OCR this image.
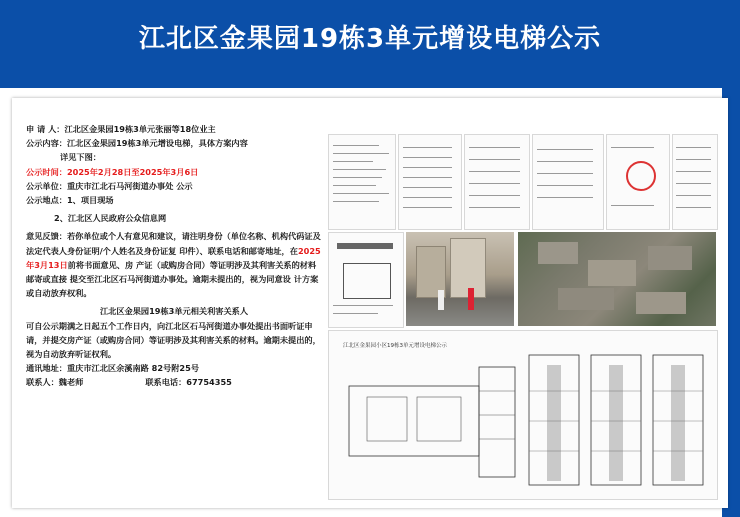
江北区金果园19栋3单元增设电梯公示

申 请 人：江北区金果园19栋3单元张丽等18位业主

公示内容：江北区金果园19栋3单元增设电梯，具体方案内容

详见下图：

公示时间：2025年2月28日至2025年3月6日

公示单位：重庆市江北石马河街道办事处 公示

公示地点：1、项目现场

2、江北区人民政府公众信息网

意见反馈：若你单位或个人有意见和建议，请注明身份（单位名称、机构代码证及法定代表人身份证明/个人姓名及身份证复 印件）、联系电话和邮寄地址，在2025年3月13日前将书面意见、房 产证（或购房合同）等证明涉及其利害关系的材料邮寄或直接 提交至江北区石马河街道办事处。逾期未提出的，视为同意设 计方案或自动放弃权利。

江北区金果园19栋3单元相关利害关系人

可自公示期满之日起五个工作日内，向江北区石马河街道办事处提出书面听证申请，并提交房产证（或购房合同）等证明涉及其利害关系的材料。逾期未提出的，视为自动放弃听证权利。

通讯地址：重庆市江北区余溪南路 82号附25号

联系人：魏老师	联系电话：67754355

江北区金果园小区19栋3单元增设电梯公示
